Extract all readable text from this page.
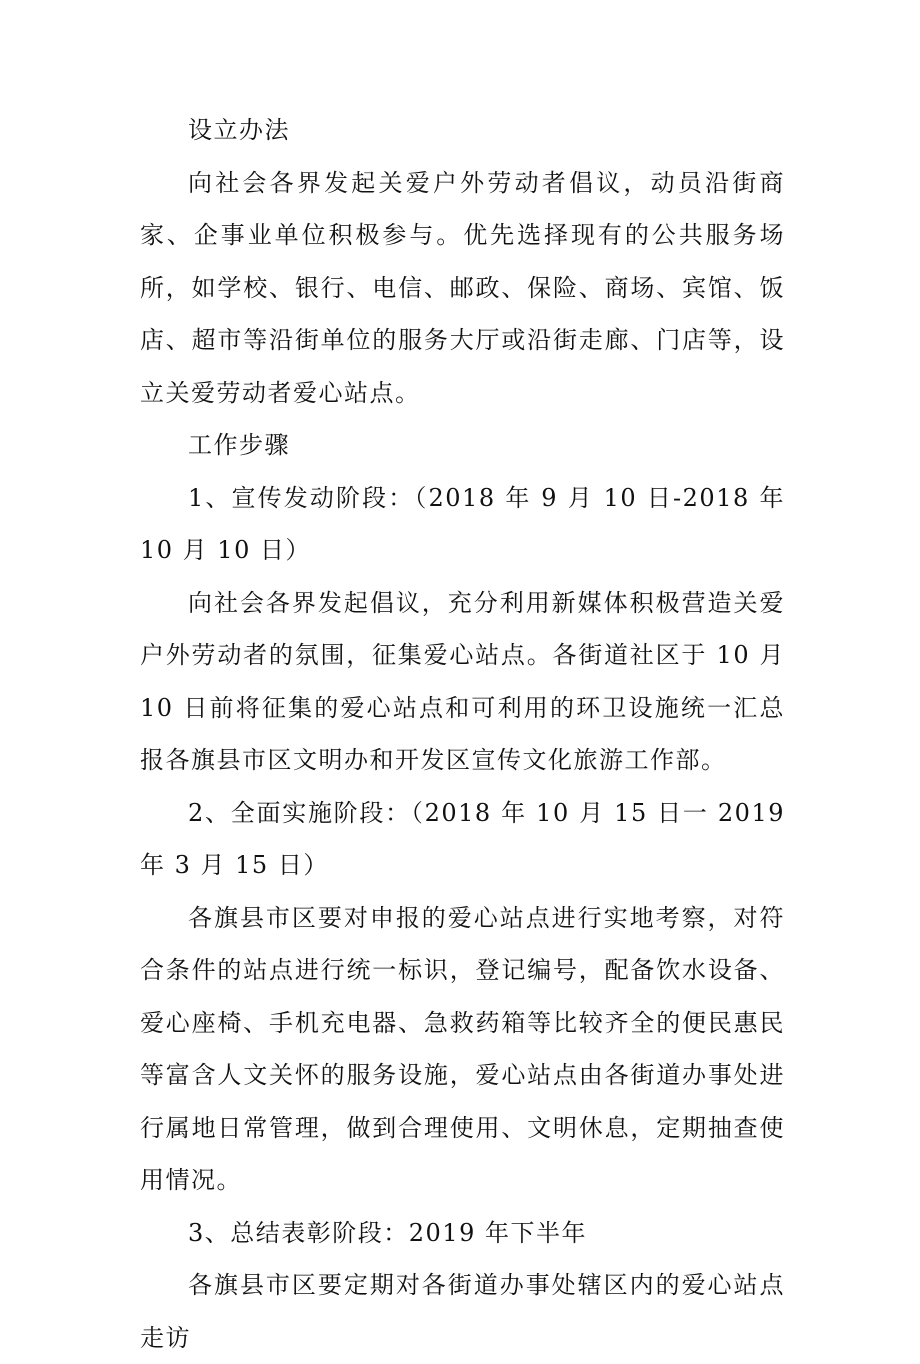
设立办法

向社会各界发起关爱户外劳动者倡议，动员沿街商家、企事业单位积极参与。优先选择现有的公共服务场所，如学校、银行、电信、邮政、保险、商场、宾馆、饭店、超市等沿街单位的服务大厅或沿街走廊、门店等，设立关爱劳动者爱心站点。

工作步骤

1、宣传发动阶段：（2018 年 9 月 10 日-2018 年 10 月 10 日）

向社会各界发起倡议，充分利用新媒体积极营造关爱户外劳动者的氛围，征集爱心站点。各街道社区于 10 月 10 日前将征集的爱心站点和可利用的环卫设施统一汇总报各旗县市区文明办和开发区宣传文化旅游工作部。

2、全面实施阶段：（2018 年 10 月 15 日一 2019 年 3 月 15 日）

各旗县市区要对申报的爱心站点进行实地考察，对符合条件的站点进行统一标识，登记编号，配备饮水设备、爱心座椅、手机充电器、急救药箱等比较齐全的便民惠民等富含人文关怀的服务设施，爱心站点由各街道办事处进行属地日常管理，做到合理使用、文明休息，定期抽查使用情况。

3、总结表彰阶段：2019 年下半年

各旗县市区要定期对各街道办事处辖区内的爱心站点走访
